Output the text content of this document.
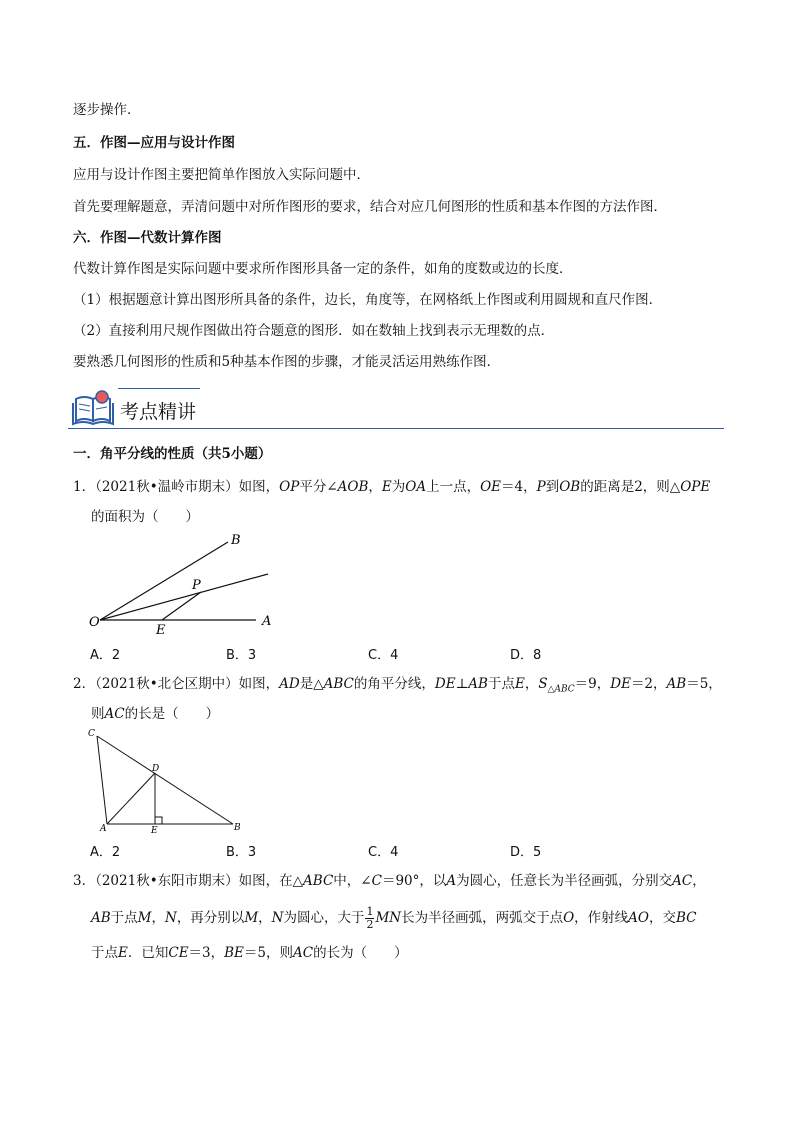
逐步操作．
五．作图—应用与设计作图
应用与设计作图主要把简单作图放入实际问题中．
首先要理解题意，弄清问题中对所作图形的要求，结合对应几何图形的性质和基本作图的方法作图．
六．作图—代数计算作图
代数计算作图是实际问题中要求所作图形具备一定的条件，如角的度数或边的长度．
（1）根据题意计算出图形所具备的条件，边长，角度等，在网格纸上作图或利用圆规和直尺作图．
（2）直接利用尺规作图做出符合题意的图形．如在数轴上找到表示无理数的点．
要熟悉几何图形的性质和5种基本作图的步骤，才能灵活运用熟练作图．
考点精讲
一．角平分线的性质（共5小题）
1．（2021秋•温岭市期末）如图，OP平分∠AOB，E为OA上一点，OE＝4，P到OB的距离是2，则△OPE
的面积为（　　）
B
P
O
E
A
A．2	B．3	C．4	D．8
2．（2021秋•北仑区期中）如图，AD是△ABC的角平分线，DE⊥AB于点E，$S_{\triangle ABC}=9$，DE＝2，AB＝5，
则AC的长是（　　）
C
D
A	E	B
A．2	B．3	C．4	D．5
3．（2021秋•东阳市期末）如图，在△ABC中，∠C＝90°，以A为圆心，任意长为半径画弧，分别交AC，
AB于点M，N，再分别以M，N为圆心，大于 $\frac{1}{2}$ MN长为半径画弧，两弧交于点O，作射线AO，交BC
于点E．已知CE＝3，BE＝5，则AC的长为（　　）
